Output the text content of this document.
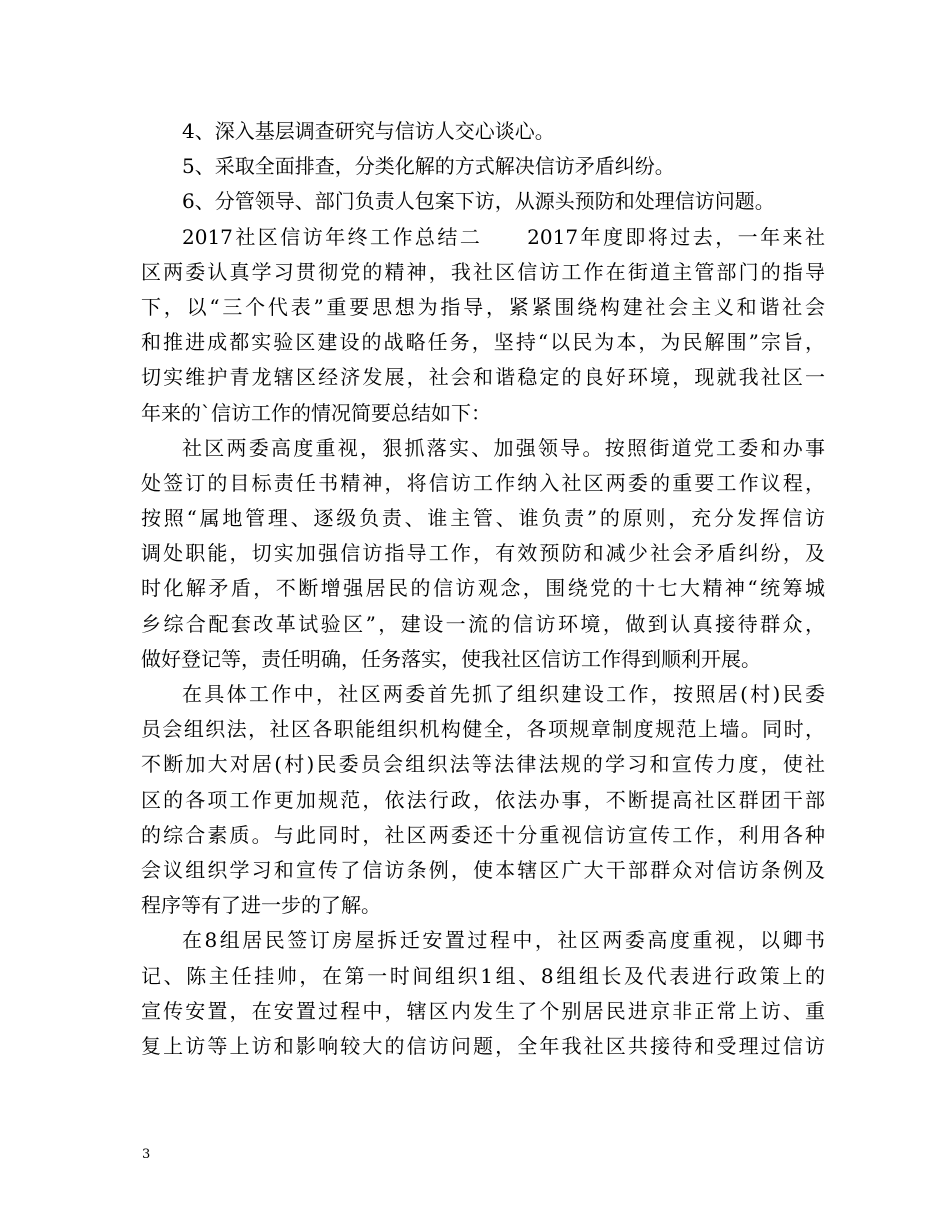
4、深入基层调查研究与信访人交心谈心。
5、采取全面排查，分类化解的方式解决信访矛盾纠纷。
6、分管领导、部门负责人包案下访，从源头预防和处理信访问题。
2017社区信访年终工作总结二　　2017年度即将过去，一年来社
区两委认真学习贯彻党的精神，我社区信访工作在街道主管部门的指导
下，以“三个代表”重要思想为指导，紧紧围绕构建社会主义和谐社会
和推进成都实验区建设的战略任务，坚持“以民为本，为民解围”宗旨，
切实维护青龙辖区经济发展，社会和谐稳定的良好环境，现就我社区一
年来的`信访工作的情况简要总结如下：
社区两委高度重视，狠抓落实、加强领导。按照街道党工委和办事
处签订的目标责任书精神，将信访工作纳入社区两委的重要工作议程，
按照“属地管理、逐级负责、谁主管、谁负责”的原则，充分发挥信访
调处职能，切实加强信访指导工作，有效预防和减少社会矛盾纠纷，及
时化解矛盾，不断增强居民的信访观念，围绕党的十七大精神“统筹城
乡综合配套改革试验区”，建设一流的信访环境，做到认真接待群众，
做好登记等，责任明确，任务落实，使我社区信访工作得到顺利开展。
在具体工作中，社区两委首先抓了组织建设工作，按照居(村)民委
员会组织法，社区各职能组织机构健全，各项规章制度规范上墙。同时，
不断加大对居(村)民委员会组织法等法律法规的学习和宣传力度，使社
区的各项工作更加规范，依法行政，依法办事，不断提高社区群团干部
的综合素质。与此同时，社区两委还十分重视信访宣传工作，利用各种
会议组织学习和宣传了信访条例，使本辖区广大干部群众对信访条例及
程序等有了进一步的了解。
在8组居民签订房屋拆迁安置过程中，社区两委高度重视，以卿书
记、陈主任挂帅，在第一时间组织1组、8组组长及代表进行政策上的
宣传安置，在安置过程中，辖区内发生了个别居民进京非正常上访、重
复上访等上访和影响较大的信访问题，全年我社区共接待和受理过信访
3
